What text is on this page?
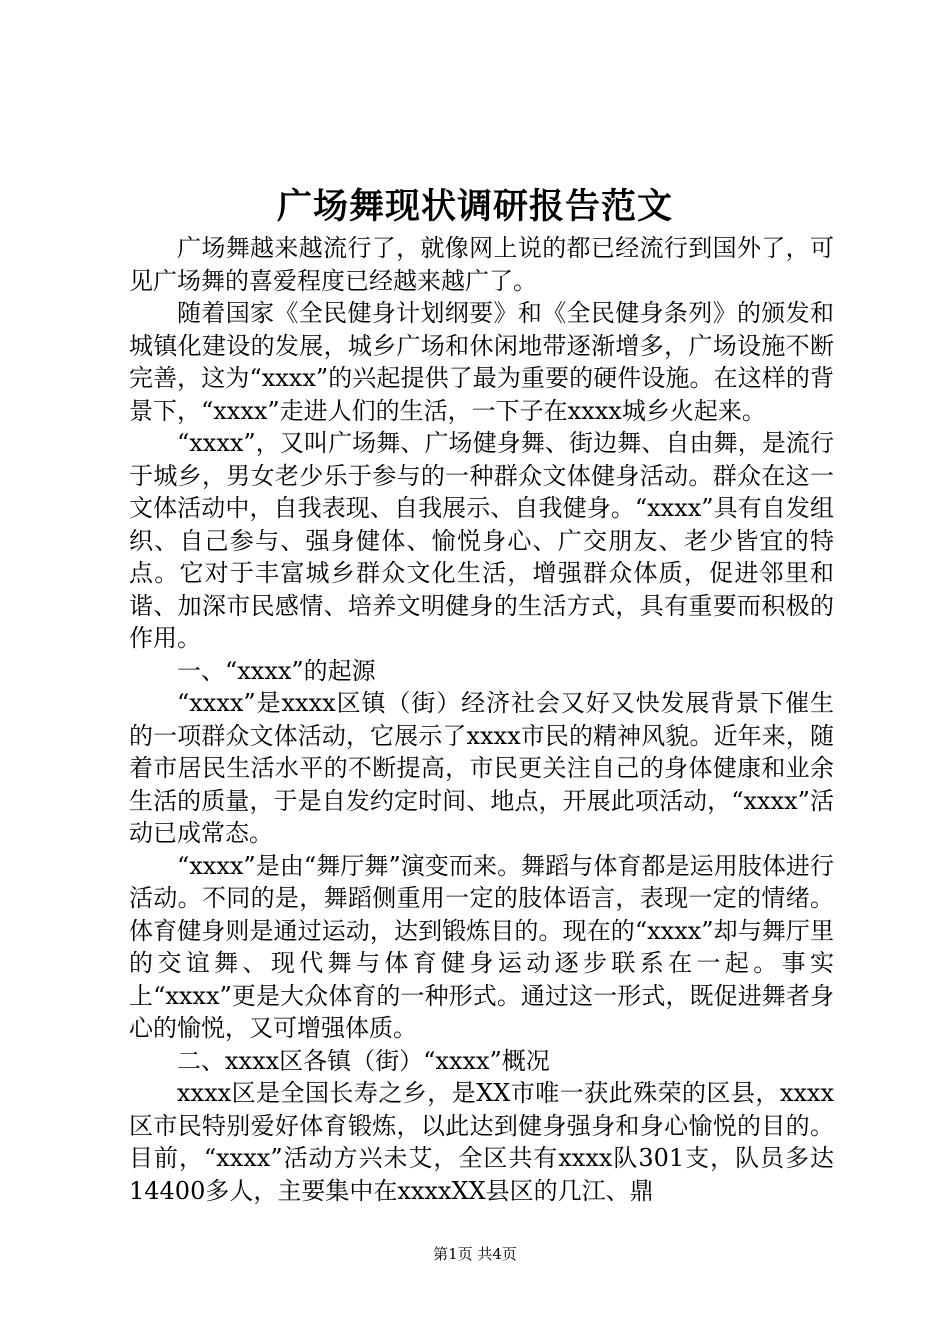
广场舞现状调研报告范文

广场舞越来越流行了，就像网上说的都已经流行到国外了，可见广场舞的喜爱程度已经越来越广了。

随着国家《全民健身计划纲要》和《全民健身条列》的颁发和城镇化建设的发展，城乡广场和休闲地带逐渐增多，广场设施不断完善，这为“xxxx”的兴起提供了最为重要的硬件设施。在这样的背景下，“xxxx”走进人们的生活，一下子在xxxx城乡火起来。

“xxxx”，又叫广场舞、广场健身舞、街边舞、自由舞，是流行于城乡，男女老少乐于参与的一种群众文体健身活动。群众在这一文体活动中，自我表现、自我展示、自我健身。“xxxx”具有自发组织、自己参与、强身健体、愉悦身心、广交朋友、老少皆宜的特点。它对于丰富城乡群众文化生活，增强群众体质，促进邻里和谐、加深市民感情、培养文明健身的生活方式，具有重要而积极的作用。

一、“xxxx”的起源

“xxxx”是xxxx区镇（街）经济社会又好又快发展背景下催生的一项群众文体活动，它展示了xxxx市民的精神风貌。近年来，随着市居民生活水平的不断提高，市民更关注自己的身体健康和业余生活的质量，于是自发约定时间、地点，开展此项活动，“xxxx”活动已成常态。

“xxxx”是由“舞厅舞”演变而来。舞蹈与体育都是运用肢体进行活动。不同的是，舞蹈侧重用一定的肢体语言，表现一定的情绪。体育健身则是通过运动，达到锻炼目的。现在的“xxxx”却与舞厅里的交谊舞、现代舞与体育健身运动逐步联系在一起。事实上“xxxx”更是大众体育的一种形式。通过这一形式，既促进舞者身心的愉悦，又可增强体质。

二、xxxx区各镇（街）“xxxx”概况

xxxx区是全国长寿之乡，是XX市唯一获此殊荣的区县，xxxx区市民特别爱好体育锻炼，以此达到健身强身和身心愉悦的目的。目前，“xxxx”活动方兴未艾，全区共有xxxx队301支，队员多达14400多人，主要集中在xxxxXX县区的几江、鼎

第1页 共4页
